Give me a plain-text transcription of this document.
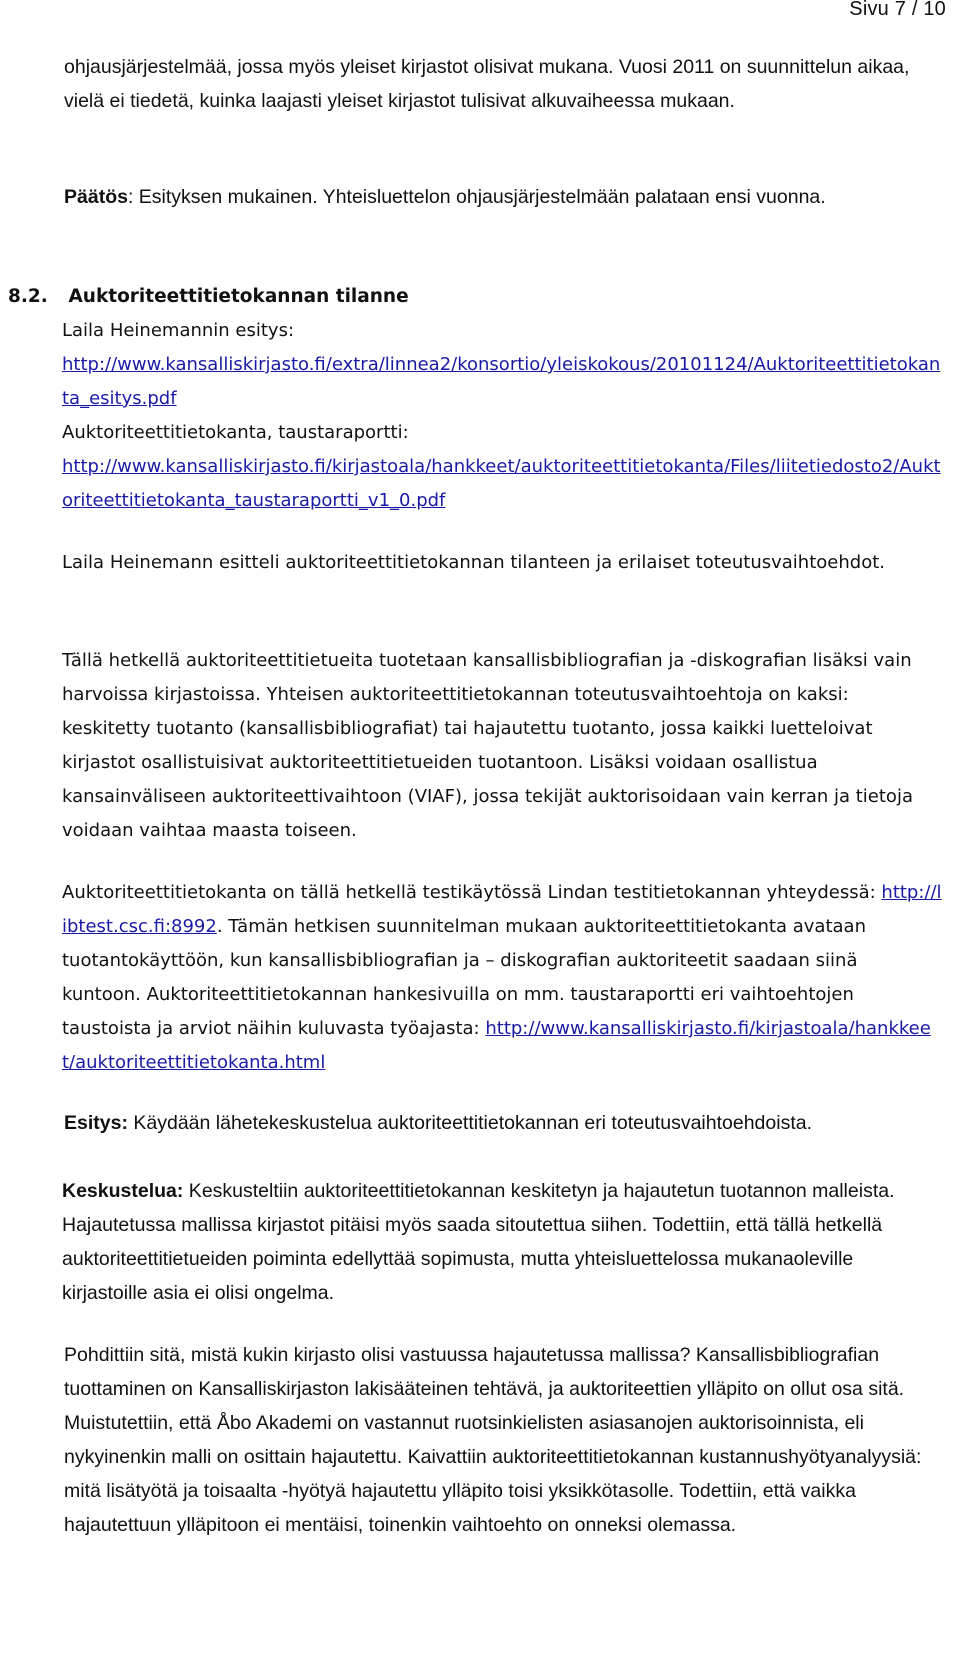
Sivu 7 / 10

ohjausjärjestelmää, jossa myös yleiset kirjastot olisivat mukana. Vuosi 2011 on suunnittelun aikaa, vielä ei tiedetä, kuinka laajasti yleiset kirjastot tulisivat alkuvaiheessa mukaan.

Päätös: Esityksen mukainen. Yhteisluettelon ohjausjärjestelmään palataan ensi vuonna.

8.2. Auktoriteettitietokannan tilanne

Laila Heinemannin esitys:

http://www.kansalliskirjasto.fi/extra/linnea2/konsortio/yleiskokous/20101124/Auktoriteettitietokanta_esitys.pdf

Auktoriteettitietokanta, taustaraportti:

http://www.kansalliskirjasto.fi/kirjastoala/hankkeet/auktoriteettitietokanta/Files/liitetiedosto2/Auktoriteettitietokanta_taustaraportti_v1_0.pdf

Laila Heinemann esitteli auktoriteettitietokannan tilanteen ja erilaiset toteutusvaihtoehdot.

Tällä hetkellä auktoriteettitietueita tuotetaan kansallisbibliografian ja -diskografian lisäksi vain harvoissa kirjastoissa. Yhteisen auktoriteettitietokannan toteutusvaihtoehtoja on kaksi: keskitetty tuotanto (kansallisbibliografiat) tai hajautettu tuotanto, jossa kaikki luetteloivat kirjastot osallistuisivat auktoriteettitietueiden tuotantoon. Lisäksi voidaan osallistua kansainväliseen auktoriteettivaihtoon (VIAF), jossa tekijät auktorisoidaan vain kerran ja tietoja voidaan vaihtaa maasta toiseen.

Auktoriteettitietokanta on tällä hetkellä testikäytössä Lindan testitietokannan yhteydessä: http://libtest.csc.fi:8992. Tämän hetkisen suunnitelman mukaan auktoriteettitietokanta avataan tuotantokäyttöön, kun kansallisbibliografian ja – diskografian auktoriteetit saadaan siinä kuntoon. Auktoriteettitietokannan hankesivuilla on mm. taustaraportti eri vaihtoehtojen taustoista ja arviot näihin kuluvasta työajasta: http://www.kansalliskirjasto.fi/kirjastoala/hankkeet/auktoriteettitietokanta.html

Esitys: Käydään lähetekeskustelua auktoriteettitietokannan eri toteutusvaihtoehdoista.

Keskustelua: Keskusteltiin auktoriteettitietokannan keskitetyn ja hajautetun tuotannon malleista. Hajautetussa mallissa kirjastot pitäisi myös saada sitoutettua siihen. Todettiin, että tällä hetkellä auktoriteettitietueiden poiminta edellyttää sopimusta, mutta yhteisluettelossa mukanaoleville kirjastoille asia ei olisi ongelma.

Pohdittiin sitä, mistä kukin kirjasto olisi vastuussa hajautetussa mallissa? Kansallisbibliografian tuottaminen on Kansalliskirjaston lakisääteinen tehtävä, ja auktoriteettien ylläpito on ollut osa sitä. Muistutettiin, että Åbo Akademi on vastannut ruotsinkielisten asiasanojen auktorisoinnista, eli nykyinenkin malli on osittain hajautettu. Kaivattiin auktoriteettitietokannan kustannushyötyanalyysiä: mitä lisätyötä ja toisaalta -hyötyä hajautettu ylläpito toisi yksikkötasolle. Todettiin, että vaikka hajautettuun ylläpitoon ei mentäisi, toinenkin vaihtoehto on onneksi olemassa.
